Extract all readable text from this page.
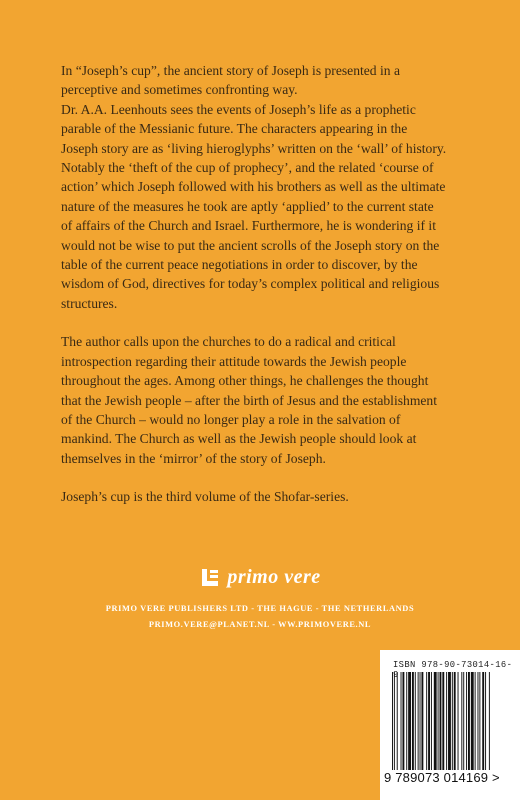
In “Joseph’s cup”, the ancient story of Joseph is presented in a
perceptive and sometimes confronting way.
Dr. A.A. Leenhouts sees the events of Joseph’s life as a prophetic
parable of the Messianic future. The characters appearing in the
Joseph story are as ‘living hieroglyphs’ written on the ‘wall’ of history.
Notably the ‘theft of the cup of prophecy’, and the related ‘course of
action’ which Joseph followed with his brothers as well as the ultimate
nature of the measures he took are aptly ‘applied’ to the current state
of affairs of the Church and Israel. Furthermore, he is wondering if it
would not be wise to put the ancient scrolls of the Joseph story on the
table of the current peace negotiations in order to discover, by the
wisdom of God, directives for today’s complex political and religious
structures.

The author calls upon the churches to do a radical and critical
introspection regarding their attitude towards the Jewish people
throughout the ages. Among other things, he challenges the thought
that the Jewish people – after the birth of Jesus and the establishment
of the Church – would no longer play a role in the salvation of
mankind. The Church as well as the Jewish people should look at
themselves in the ‘mirror’ of the story of Joseph.

Joseph’s cup is the third volume of the Shofar-series.

primo vere
PRIMO VERE PUBLISHERS LTD - THE HAGUE - THE NETHERLANDS
PRIMO.VERE@PLANET.NL - WW.PRIMOVERE.NL
ISBN 978-90-73014-16-9
9 789073 014169 >
